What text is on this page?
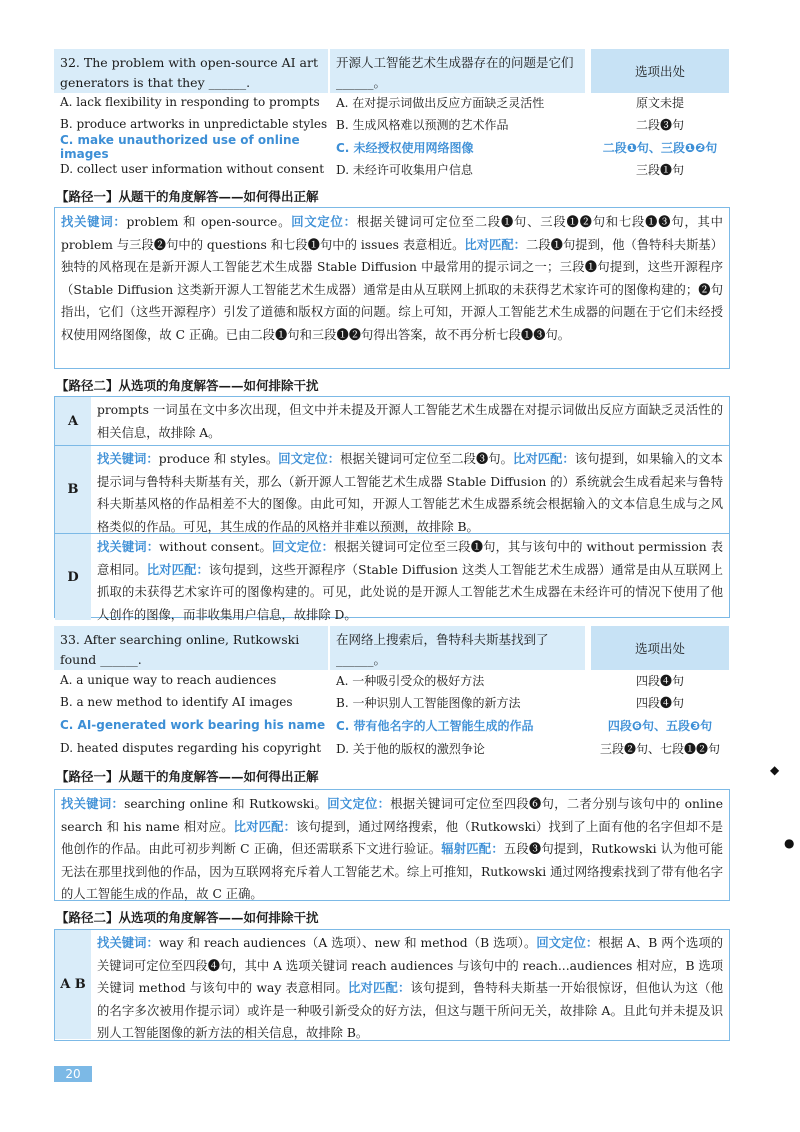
32. The problem with open-source AI art generators is that they ______.
开源人工智能艺术生成器存在的问题是它们______。
选项出处
A. lack flexibility in responding to prompts	A. 在对提示词做出反应方面缺乏灵活性	原文未提
B. produce artworks in unpredictable styles B. 生成风格难以预测的艺术作品	二段❸句
C. make unauthorized use of online images	C. 未经授权使用网络图像	二段❶句、三段❶❷句
D. collect user information without consent D. 未经许可收集用户信息	三段❶句
【路径一】从题干的角度解答——如何得出正解
找关键词：problem 和 open-source。回文定位：根据关键词可定位至二段❶句、三段❶❷句和七段❶❸句，其中 problem 与三段❷句中的 questions 和七段❶句中的 issues 表意相近。比对匹配：二段❶句提到，他（鲁特科夫斯基）独特的风格现在是新开源人工智能艺术生成器 Stable Diffusion 中最常用的提示词之一；三段❶句提到，这些开源程序（Stable Diffusion 这类新开源人工智能艺术生成器）通常是由从互联网上抓取的未获得艺术家许可的图像构建的；❷句指出，它们（这些开源程序）引发了道德和版权方面的问题。综上可知，开源人工智能艺术生成器的问题在于它们未经授权使用网络图像，故 C 正确。已由二段❶句和三段❶❷句得出答案，故不再分析七段❶❸句。
【路径二】从选项的角度解答——如何排除干扰
A
prompts 一词虽在文中多次出现，但文中并未提及开源人工智能艺术生成器在对提示词做出反应方面缺乏灵活性的相关信息，故排除 A。
B
找关键词：produce 和 styles。回文定位：根据关键词可定位至二段❸句。比对匹配：该句提到，如果输入的文本提示词与鲁特科夫斯基有关，那么（新开源人工智能艺术生成器 Stable Diffusion 的）系统就会生成看起来与鲁特科夫斯基风格的作品相差不大的图像。由此可知，开源人工智能艺术生成器系统会根据输入的文本信息生成与之风格类似的作品。可见，其生成的作品的风格并非难以预测，故排除 B。
D
找关键词：without consent。回文定位：根据关键词可定位至三段❶句，其与该句中的 without permission 表意相同。比对匹配：该句提到，这些开源程序（Stable Diffusion 这类人工智能艺术生成器）通常是由从互联网上抓取的未获得艺术家许可的图像构建的。可见，此处说的是开源人工智能艺术生成器在未经许可的情况下使用了他人创作的图像，而非收集用户信息，故排除 D。
33. After searching online, Rutkowski found ______.
在网络上搜索后，鲁特科夫斯基找到了______。
选项出处
A. a unique way to reach audiences	A. 一种吸引受众的极好方法	四段❹句
B. a new method to identify AI images	B. 一种识别人工智能图像的新方法	四段❹句
C. AI-generated work bearing his name C. 带有他名字的人工智能生成的作品	四段❻句、五段❸句
D. heated disputes regarding his copyright	D. 关于他的版权的激烈争论	三段❷句、七段❶❷句
【路径一】从题干的角度解答——如何得出正解
找关键词：searching online 和 Rutkowski。回文定位：根据关键词可定位至四段❻句，二者分别与该句中的 online search 和 his name 相对应。比对匹配：该句提到，通过网络搜索，他（Rutkowski）找到了上面有他的名字但却不是他创作的作品。由此可初步判断 C 正确，但还需联系下文进行验证。辐射匹配：五段❸句提到，Rutkowski 认为他可能无法在那里找到他的作品，因为互联网将充斥着人工智能艺术。综上可推知，Rutkowski 通过网络搜索找到了带有他名字的人工智能生成的作品，故 C 正确。
【路径二】从选项的角度解答——如何排除干扰
A B
找关键词：way 和 reach audiences（A 选项）、new 和 method（B 选项）。回文定位：根据 A、B 两个选项的关键词可定位至四段❹句，其中 A 选项关键词 reach audiences 与该句中的 reach...audiences 相对应，B 选项关键词 method 与该句中的 way 表意相同。比对匹配：该句提到，鲁特科夫斯基一开始很惊讶，但他认为这（他的名字多次被用作提示词）或许是一种吸引新受众的好方法，但这与题干所问无关，故排除 A。且此句并未提及识别人工智能图像的新方法的相关信息，故排除 B。
20
◆
●
